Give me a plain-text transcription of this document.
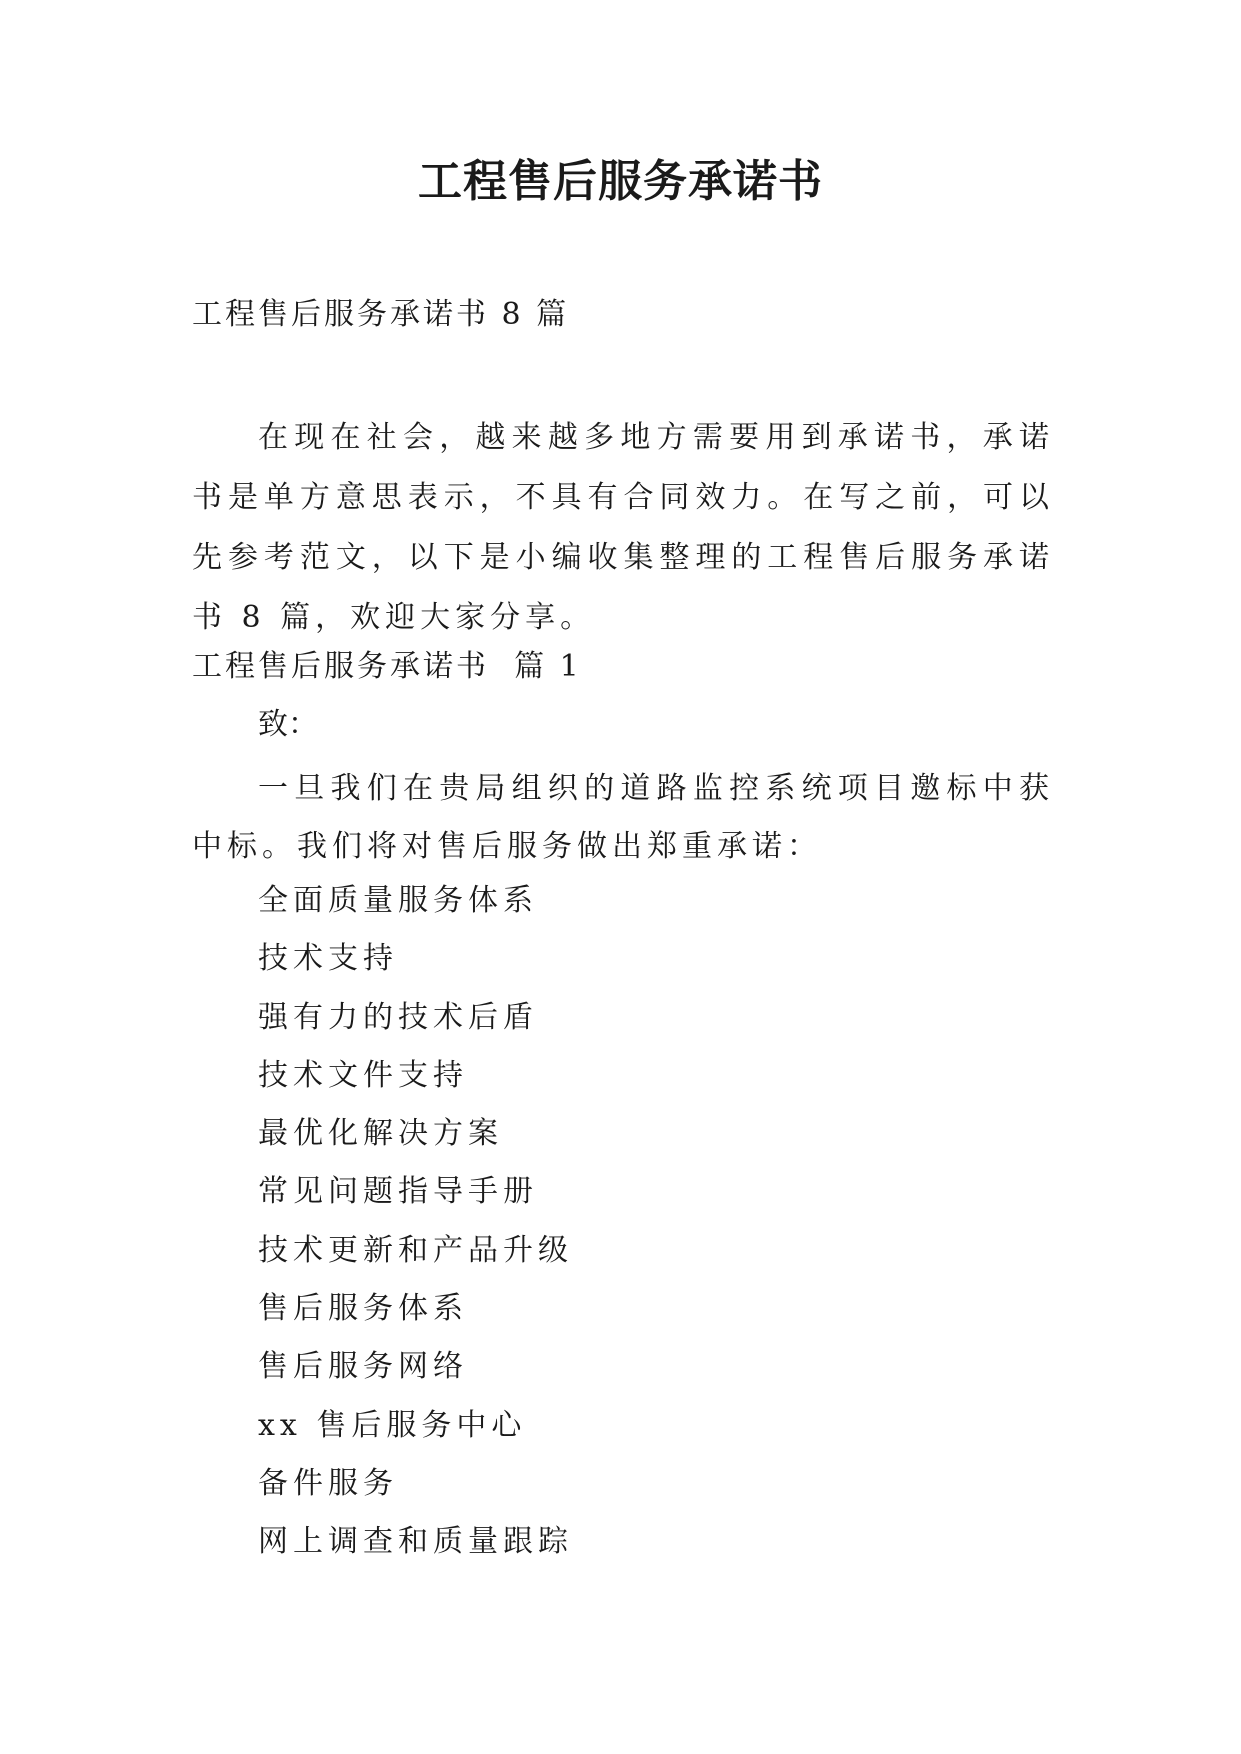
工程售后服务承诺书

工程售后服务承诺书 8 篇

在现在社会，越来越多地方需要用到承诺书，承诺书是单方意思表示，不具有合同效力。在写之前，可以先参考范文，以下是小编收集整理的工程售后服务承诺书 8 篇，欢迎大家分享。

工程售后服务承诺书  篇 1

致：

一旦我们在贵局组织的道路监控系统项目邀标中获中标。我们将对售后服务做出郑重承诺：

全面质量服务体系
技术支持
强有力的技术后盾
技术文件支持
最优化解决方案
常见问题指导手册
技术更新和产品升级
售后服务体系
售后服务网络
xx 售后服务中心
备件服务
网上调查和质量跟踪
